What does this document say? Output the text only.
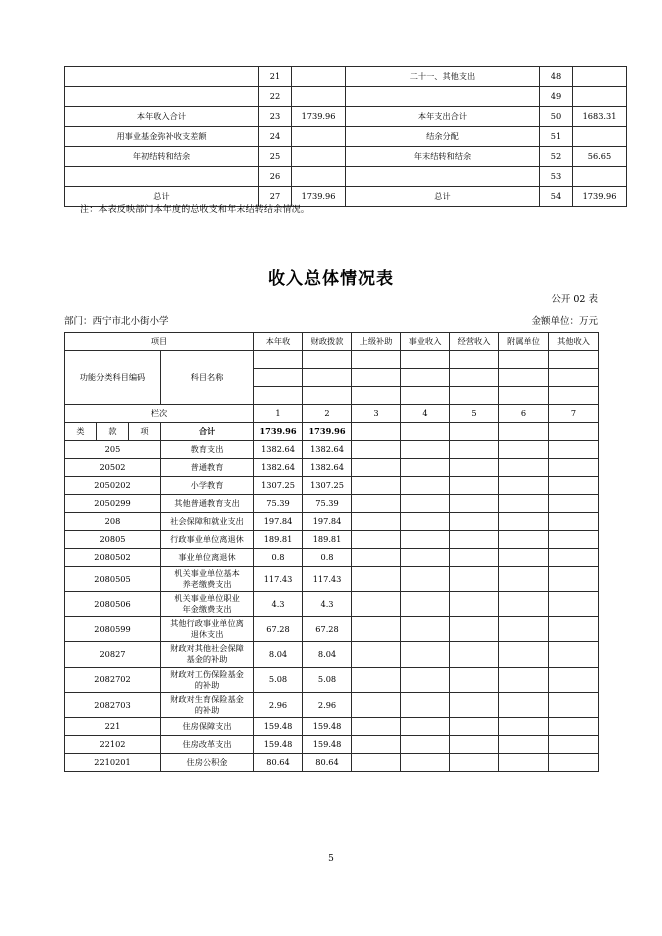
	21		二十一、其他支出	48	
	22			49	
本年收入合计	23	1739.96	本年支出合计	50	1683.31
用事业基金弥补收支差额	24		结余分配	51	
年初结转和结余	25		年末结转和结余	52	56.65
	26			53	
总计	27	1739.96	总计	54	1739.96
注：本表反映部门本年度的总收支和年末结转结余情况。
收入总体情况表
公开 02 表
部门：西宁市北小街小学	金额单位：万元
项目				本年收	财政拨款	上级补助	事业收入	经营收入	附属单位	其他收入
功能分类科目编码			科目名称							

栏次				1	2	3	4	5	6	7
类	款	项	合计	1739.96	1739.96					
205			教育支出	1382.64	1382.64					
20502			普通教育	1382.64	1382.64					
2050202			小学教育	1307.25	1307.25					
2050299			其他普通教育支出	75.39	75.39					
208			社会保障和就业支出	197.84	197.84					
20805			行政事业单位离退休	189.81	189.81					
2080502			事业单位离退休	0.8	0.8					
2080505			机关事业单位基本
养老缴费支出	117.43	117.43					
2080506			机关事业单位职业
年金缴费支出	4.3	4.3					
2080599			其他行政事业单位离
退休支出	67.28	67.28					
20827			财政对其他社会保障
基金的补助	8.04	8.04					
2082702			财政对工伤保险基金
的补助	5.08	5.08					
2082703			财政对生育保险基金
的补助	2.96	2.96					
221			住房保障支出	159.48	159.48					
22102			住房改革支出	159.48	159.48					
2210201			住房公积金	80.64	80.64					
5
